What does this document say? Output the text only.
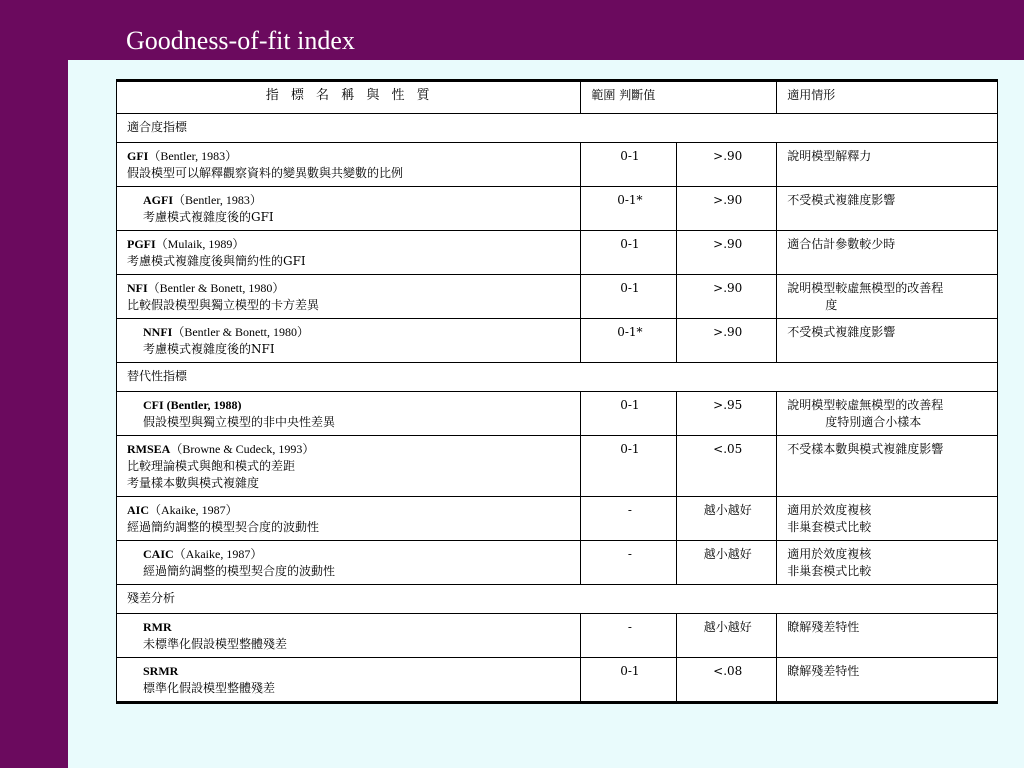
Goodness-of-fit index
指 標 名 稱 與 性 質	範圍 判斷值		適用情形
適合度指標			
GFI（Bentler, 1983）
假設模型可以解釋觀察資料的變異數與共變數的比例	0-1	>.90	說明模型解釋力

AGFI（Bentler, 1983）
考慮模式複雜度後的GFI	0-1*	>.90	不受模式複雜度影響

PGFI（Mulaik, 1989）
考慮模式複雜度後與簡約性的GFI	0-1	>.90	適合估計參數較少時

NFI（Bentler & Bonett, 1980）
比較假設模型與獨立模型的卡方差異	0-1	>.90	說明模型較虛無模型的改善程
度

NNFI（Bentler & Bonett, 1980）
考慮模式複雜度後的NFI	0-1*	>.90	不受模式複雜度影響

替代性指標			
CFI (Bentler, 1988)
假設模型與獨立模型的非中央性差異	0-1	>.95	說明模型較虛無模型的改善程
度特別適合小樣本

RMSEA（Browne & Cudeck, 1993）
比較理論模式與飽和模式的差距
考量樣本數與模式複雜度	0-1	<.05	不受樣本數與模式複雜度影響

AIC（Akaike, 1987）
經過簡約調整的模型契合度的波動性	-	越小越好	適用於效度複核
非巢套模式比較

CAIC（Akaike, 1987）
經過簡約調整的模型契合度的波動性	-	越小越好	適用於效度複核
非巢套模式比較

殘差分析			
RMR
未標準化假設模型整體殘差	-	越小越好	瞭解殘差特性

SRMR
標準化假設模型整體殘差	0-1	<.08	瞭解殘差特性
